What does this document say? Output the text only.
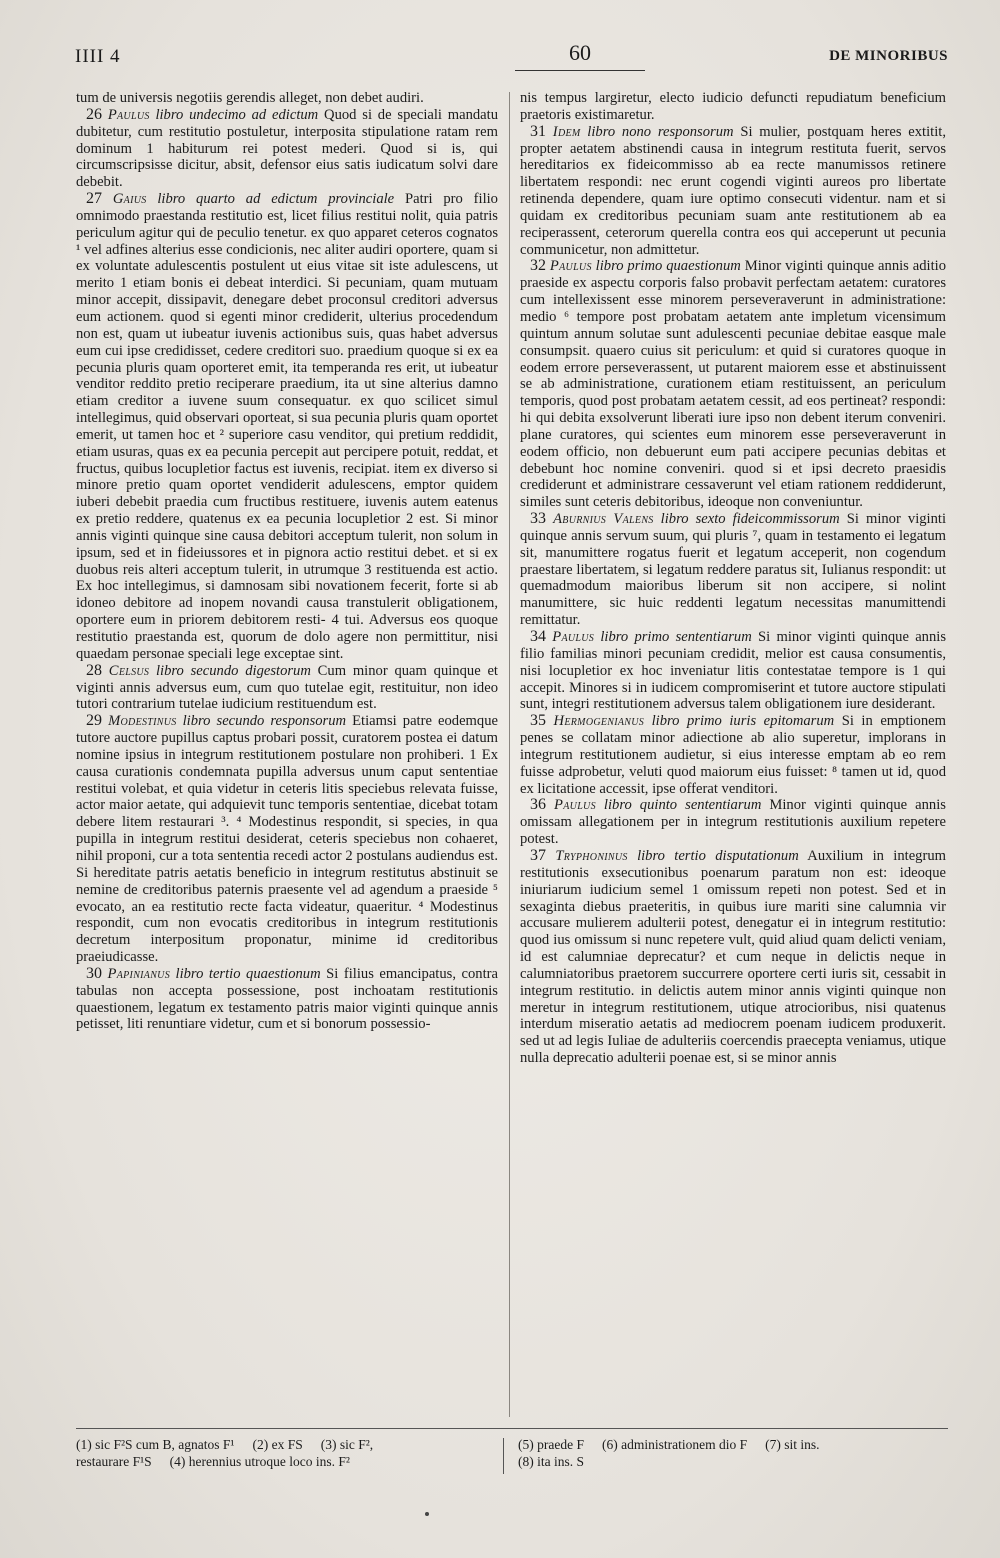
IIII 4	60	DE MINORIBUS

tum de universis negotiis gerendis alleget, non debet audiri.

26 Paulus libro undecimo ad edictum Quod si de speciali mandatu dubitetur, cum restitutio postuletur, interposita stipulatione ratam rem dominum 1 habiturum rei potest mederi. Quod si is, qui circumscripsisse dicitur, absit, defensor eius satis iudicatum solvi dare debebit.

27 Gaius libro quarto ad edictum provinciale Patri pro filio omnimodo praestanda restitutio est, licet filius restitui nolit, quia patris periculum agitur qui de peculio tenetur. ex quo apparet ceteros cognatos ¹ vel adfines alterius esse condicionis, nec aliter audiri oportere, quam si ex voluntate adulescentis postulent ut eius vitae sit iste adulescens, ut merito 1 etiam bonis ei debeat interdici. Si pecuniam, quam mutuam minor accepit, dissipavit, denegare debet proconsul creditori adversus eum actionem. quod si egenti minor crediderit, ulterius procedendum non est, quam ut iubeatur iuvenis actionibus suis, quas habet adversus eum cui ipse credidisset, cedere creditori suo. praedium quoque si ex ea pecunia pluris quam oporteret emit, ita temperanda res erit, ut iubeatur venditor reddito pretio reciperare praedium, ita ut sine alterius damno etiam creditor a iuvene suum consequatur. ex quo scilicet simul intellegimus, quid observari oporteat, si sua pecunia pluris quam oportet emerit, ut tamen hoc et ² superiore casu venditor, qui pretium reddidit, etiam usuras, quas ex ea pecunia percepit aut percipere potuit, reddat, et fructus, quibus locupletior factus est iuvenis, recipiat. item ex diverso si minore pretio quam oportet vendiderit adulescens, emptor quidem iuberi debebit praedia cum fructibus restituere, iuvenis autem eatenus ex pretio reddere, quatenus ex ea pecunia locupletior 2 est. Si minor annis viginti quinque sine causa debitori acceptum tulerit, non solum in ipsum, sed et in fideiussores et in pignora actio restitui debet. et si ex duobus reis alteri acceptum tulerit, in utrumque 3 restituenda est actio. Ex hoc intellegimus, si damnosam sibi novationem fecerit, forte si ab idoneo debitore ad inopem novandi causa transtulerit obligationem, oportere eum in priorem debitorem resti- 4 tui. Adversus eos quoque restitutio praestanda est, quorum de dolo agere non permittitur, nisi quaedam personae speciali lege exceptae sint.

28 Celsus libro secundo digestorum Cum minor quam quinque et viginti annis adversus eum, cum quo tutelae egit, restituitur, non ideo tutori contrarium tutelae iudicium restituendum est.

29 Modestinus libro secundo responsorum Etiamsi patre eodemque tutore auctore pupillus captus probari possit, curatorem postea ei datum nomine ipsius in integrum restitutionem postulare non prohiberi. 1 Ex causa curationis condemnata pupilla adversus unum caput sententiae restitui volebat, et quia videtur in ceteris litis speciebus relevata fuisse, actor maior aetate, qui adquievit tunc temporis sententiae, dicebat totam debere litem restaurari ³. ⁴ Modestinus respondit, si species, in qua pupilla in integrum restitui desiderat, ceteris speciebus non cohaeret, nihil proponi, cur a tota sententia recedi actor 2 postulans audiendus est. Si hereditate patris aetatis beneficio in integrum restitutus abstinuit se nemine de creditoribus paternis praesente vel ad agendum a praeside ⁵ evocato, an ea restitutio recte facta videatur, quaeritur. ⁴ Modestinus respondit, cum non evocatis creditoribus in integrum restitutionis decretum interpositum proponatur, minime id creditoribus praeiudicasse.

30 Papinianus libro tertio quaestionum Si filius emancipatus, contra tabulas non accepta possessione, post inchoatam restitutionis quaestionem, legatum ex testamento patris maior viginti quinque annis petisset, liti renuntiare videtur, cum et si bonorum possessio-

nis tempus largiretur, electo iudicio defuncti repudiatum beneficium praetoris existimaretur.

31 Idem libro nono responsorum Si mulier, postquam heres extitit, propter aetatem abstinendi causa in integrum restituta fuerit, servos hereditarios ex fideicommisso ab ea recte manumissos retinere libertatem respondi: nec erunt cogendi viginti aureos pro libertate retinenda dependere, quam iure optimo consecuti videntur. nam et si quidam ex creditoribus pecuniam suam ante restitutionem ab ea reciperassent, ceterorum querella contra eos qui acceperunt ut pecunia communicetur, non admittetur.

32 Paulus libro primo quaestionum Minor viginti quinque annis aditio praeside ex aspectu corporis falso probavit perfectam aetatem: curatores cum intellexissent esse minorem perseveraverunt in administratione: medio ⁶ tempore post probatam aetatem ante impletum vicensimum quintum annum solutae sunt adulescenti pecuniae debitae easque male consumpsit. quaero cuius sit periculum: et quid si curatores quoque in eodem errore perseverassent, ut putarent maiorem esse et abstinuissent se ab administratione, curationem etiam restituissent, an periculum temporis, quod post probatam aetatem cessit, ad eos pertineat? respondi: hi qui debita exsolverunt liberati iure ipso non debent iterum conveniri. plane curatores, qui scientes eum minorem esse perseveraverunt in eodem officio, non debuerunt eum pati accipere pecunias debitas et debebunt hoc nomine conveniri. quod si et ipsi decreto praesidis crediderunt et administrare cessaverunt vel etiam rationem reddiderunt, similes sunt ceteris debitoribus, ideoque non conveniuntur.

33 Aburnius Valens libro sexto fideicommissorum Si minor viginti quinque annis servum suum, qui pluris ⁷, quam in testamento ei legatum sit, manumittere rogatus fuerit et legatum acceperit, non cogendum praestare libertatem, si legatum reddere paratus sit, Iulianus respondit: ut quemadmodum maioribus liberum sit non accipere, si nolint manumittere, sic huic reddenti legatum necessitas manumittendi remittatur.

34 Paulus libro primo sententiarum Si minor viginti quinque annis filio familias minori pecuniam credidit, melior est causa consumentis, nisi locupletior ex hoc inveniatur litis contestatae tempore is 1 qui accepit. Minores si in iudicem compromiserint et tutore auctore stipulati sunt, integri restitutionem adversus talem obligationem iure desiderant.

35 Hermogenianus libro primo iuris epitomarum Si in emptionem penes se collatam minor adiectione ab alio superetur, implorans in integrum restitutionem audietur, si eius interesse emptam ab eo rem fuisse adprobetur, veluti quod maiorum eius fuisset: ⁸ tamen ut id, quod ex licitatione accessit, ipse offerat venditori.

36 Paulus libro quinto sententiarum Minor viginti quinque annis omissam allegationem per in integrum restitutionis auxilium repetere potest.

37 Tryphoninus libro tertio disputationum Auxilium in integrum restitutionis exsecutionibus poenarum paratum non est: ideoque iniuriarum iudicium semel 1 omissum repeti non potest. Sed et in sexaginta diebus praeteritis, in quibus iure mariti sine calumnia vir accusare mulierem adulterii potest, denegatur ei in integrum restitutio: quod ius omissum si nunc repetere vult, quid aliud quam delicti veniam, id est calumniae deprecatur? et cum neque in delictis neque in calumniatoribus praetorem succurrere oportere certi iuris sit, cessabit in integrum restitutio. in delictis autem minor annis viginti quinque non meretur in integrum restitutionem, utique atrocioribus, nisi quatenus interdum miseratio aetatis ad mediocrem poenam iudicem produxerit. sed ut ad legis Iuliae de adulteriis coercendis praecepta veniamus, utique nulla deprecatio adulterii poenae est, si se minor annis

(1) sic F²S cum B, agnatos F¹ (2) ex FS (3) sic F²,
restaurare F¹S (4) herennius utroque loco ins. F²
(5) praede F (6) administrationem dio F (7) sit ins.
(8) ita ins. S
